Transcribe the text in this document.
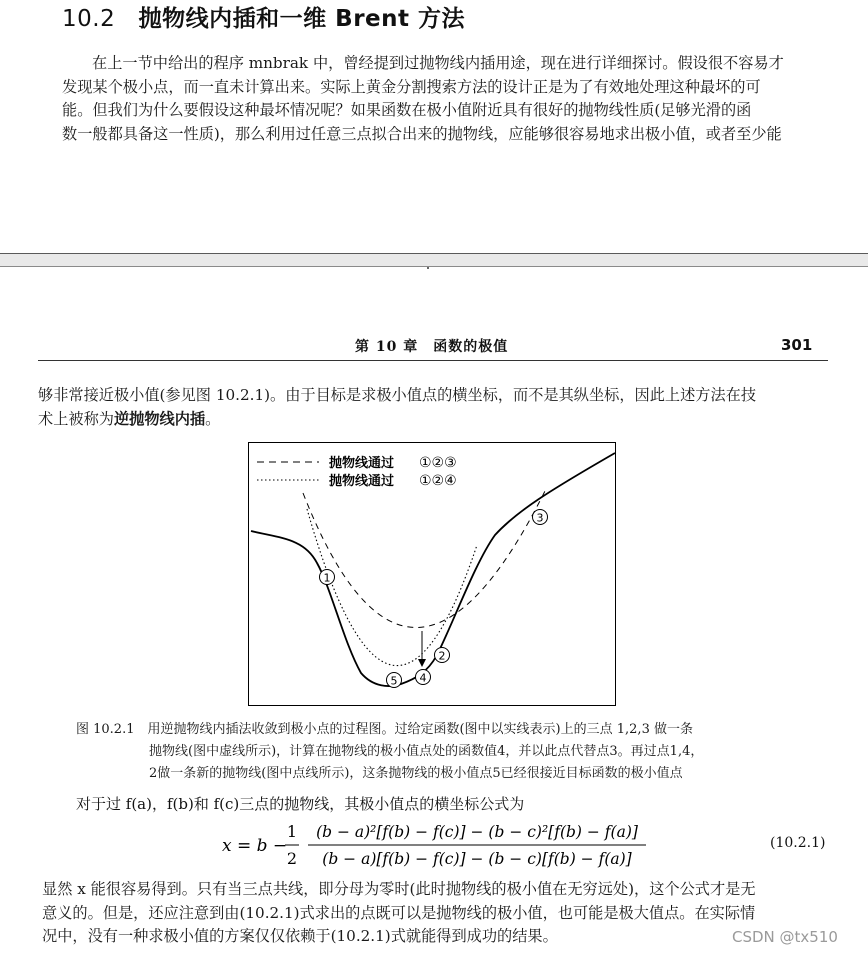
10.2 抛物线内插和一维 Brent 方法
在上一节中给出的程序 mnbrak 中，曾经提到过抛物线内插用途，现在进行详细探讨。假设很不容易才
发现某个极小点，而一直未计算出来。实际上黄金分割搜索方法的设计正是为了有效地处理这种最坏的可
能。但我们为什么要假设这种最坏情况呢？如果函数在极小值附近具有很好的抛物线性质(足够光滑的函
数一般都具备这一性质)，那么利用过任意三点拟合出来的抛物线，应能够很容易地求出极小值，或者至少能
第 10 章　函数的极值	301
够非常接近极小值(参见图 10.2.1)。由于目标是求极小值点的横坐标，而不是其纵坐标，因此上述方法在技
术上被称为逆抛物线内插。
抛物线通过 ①②③
抛物线通过 ①②④
1
2
3
4
5
图 10.2.1　用逆抛物线内插法收敛到极小点的过程图。过给定函数(图中以实线表示)上的三点 1,2,3 做一条
抛物线(图中虚线所示)，计算在抛物线的极小值点处的函数值4，并以此点代替点3。再过点1,4，
2做一条新的抛物线(图中点线所示)，这条抛物线的极小值点5已经很接近目标函数的极小值点
对于过 f(a)，f(b)和 f(c)三点的抛物线，其极小值点的横坐标公式为
x = b −
1
2
(b − a)²[f(b) − f(c)] − (b − c)²[f(b) − f(a)]
(b − a)[f(b) − f(c)] − (b − c)[f(b) − f(a)]
(10.2.1)
显然 x 能很容易得到。只有当三点共线，即分母为零时(此时抛物线的极小值在无穷远处)，这个公式才是无
意义的。但是，还应注意到由(10.2.1)式求出的点既可以是抛物线的极小值，也可能是极大值点。在实际情
况中，没有一种求极小值的方案仅仅依赖于(10.2.1)式就能得到成功的结果。	CSDN @tx510
